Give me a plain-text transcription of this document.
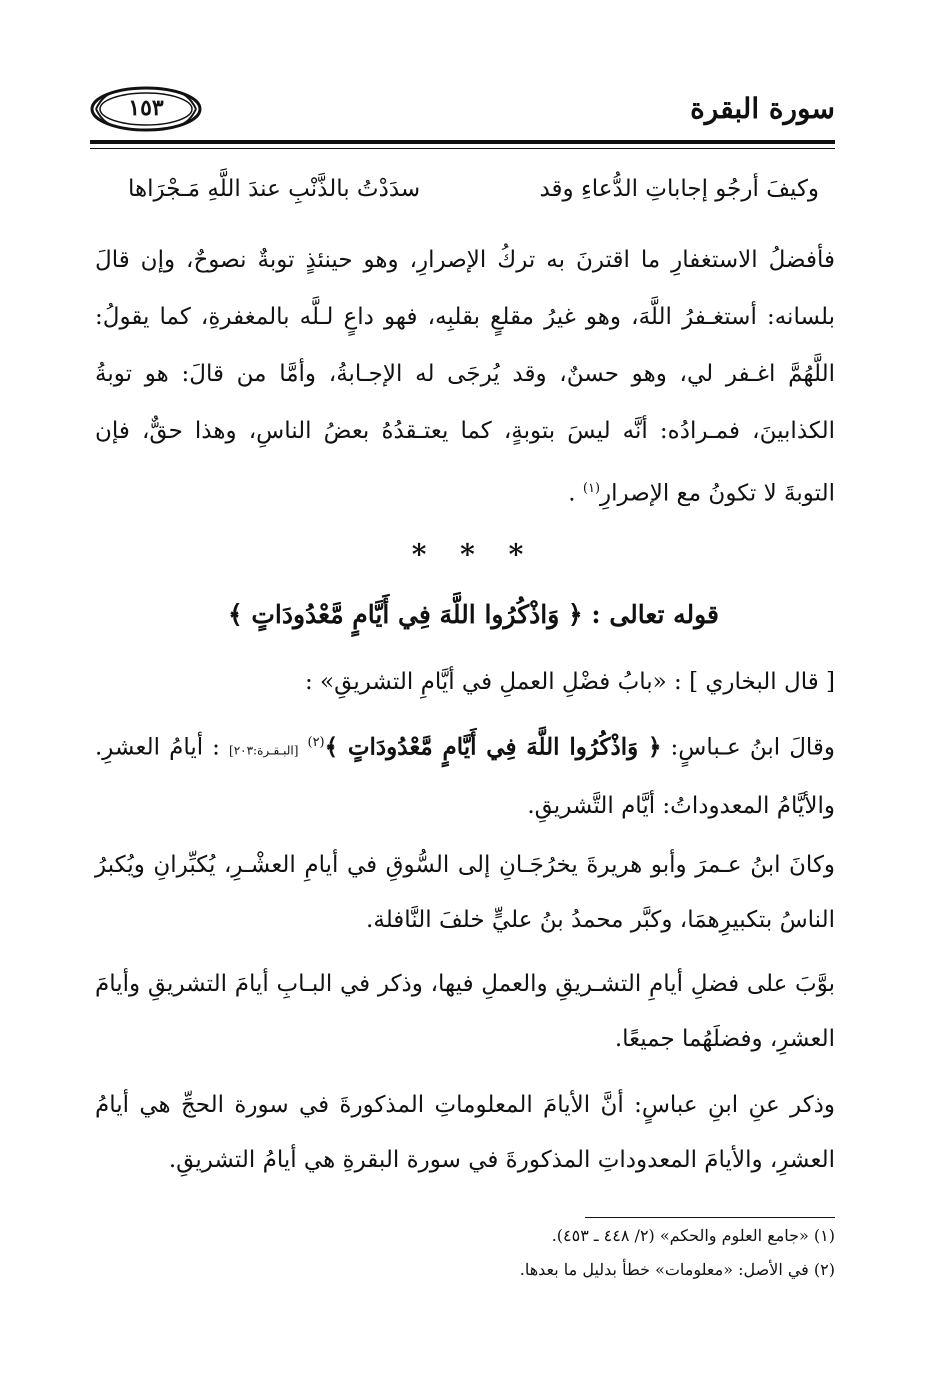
سورة البقرة
١٥٣
وكيفَ أرجُو إجاباتِ الدُّعاءِ وقد
سدَدْتُ بالذَّنْبِ عندَ اللَّهِ مَـجْرَاها
فأفضلُ الاستغفارِ ما اقترنَ به تركُ الإصرارِ، وهو حينئذٍ توبةٌ نصوحٌ، وإن قالَ بلسانه: أستغـفرُ اللَّهَ، وهو غيرُ مقلعٍ بقلبِه، فهو داعٍ لـلَّه بالمغفرةِ، كما يقولُ: اللَّهُمَّ اغـفر لي، وهو حسنٌ، وقد يُرجَى له الإجـابةُ، وأمَّا من قالَ: هو توبةُ الكذابينَ، فمـرادُه: أنَّه ليسَ بتوبةٍ، كما يعتـقدُهُ بعضُ الناسِ، وهذا حقٌّ، فإن التوبةَ لا تكونُ مع الإصرارِ$^{(١)}$ .
* * *
قوله تعالى : ﴿ وَاذْكُرُوا اللَّهَ فِي أَيَّامٍ مَّعْدُودَاتٍ ﴾
[ قال البخاري ] : «بابُ فضْلِ العملِ في أيَّامِ التشريقِ» :
وقالَ ابنُ عـباسٍ: ﴿ وَاذْكُرُوا اللَّهَ فِي أَيَّامٍ مَّعْدُودَاتٍ ﴾$^{(٢)}$ [البـقـرة:٢٠٣] : أيامُ العشرِ. والأيَّامُ المعدوداتُ: أيَّام التَّشريقِ.
وكانَ ابنُ عـمرَ وأبو هريرةَ يخرُجَـانِ إلى السُّوقِ في أيامِ العشْـرِ، يُكبِّرانِ ويُكبرُ الناسُ بتكبيرِهمَا، وكبَّر محمدُ بنُ عليٍّ خلفَ النَّافلة.
بوَّبَ على فضلِ أيامِ التشـريقِ والعملِ فيها، وذكر في البـابِ أيامَ التشريقِ وأيامَ العشرِ، وفضلَهُما جميعًا.
وذكر عنِ ابنِ عباسٍ: أنَّ الأيامَ المعلوماتِ المذكورةَ في سورة الحجِّ هي أيامُ العشرِ، والأيامَ المعدوداتِ المذكورةَ في سورة البقرةِ هي أيامُ التشريقِ.
(١) «جامع العلوم والحكم» (٢/ ٤٤٨ ـ ٤٥٣).
(٢) في الأصل: «معلومات» خطأ بدليل ما بعدها.
